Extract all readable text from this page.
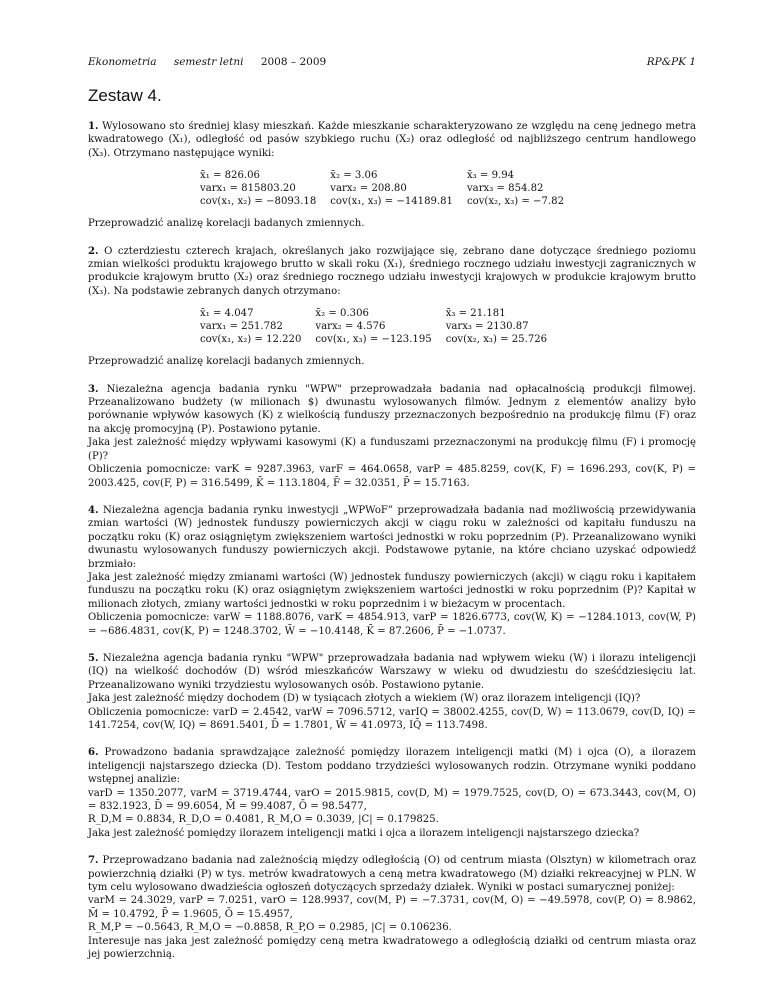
Ekonometria semestr letni 2008 – 2009	RP&PK 1
Zestaw 4.

1. Wylosowano sto średniej klasy mieszkań. Każde mieszkanie scharakteryzowano ze względu na cenę jednego metra kwadratowego (X₁), odległość od pasów szybkiego ruchu (X₂) oraz odległość od najbliższego centrum handlowego (X₃). Otrzymano następujące wyniki:

x̄₁ = 826.06	x̄₂ = 3.06	x̄₃ = 9.94
varx₁ = 815803.20	varx₂ = 208.80	varx₃ = 854.82
cov(x₁, x₂) = −8093.18	cov(x₁, x₃) = −14189.81	cov(x₂, x₃) = −7.82

Przeprowadzić analizę korelacji badanych zmiennych.

2. O czterdziestu czterech krajach, określanych jako rozwijające się, zebrano dane dotyczące średniego poziomu zmian wielkości produktu krajowego brutto w skali roku (X₁), średniego rocznego udziału inwestycji zagranicznych w produkcie krajowym brutto (X₂) oraz średniego rocznego udziału inwestycji krajowych w produkcie krajowym brutto (X₃). Na podstawie zebranych danych otrzymano:

x̄₁ = 4.047	x̄₂ = 0.306	x̄₃ = 21.181
varx₁ = 251.782	varx₂ = 4.576	varx₃ = 2130.87
cov(x₁, x₂) = 12.220	cov(x₁, x₃) = −123.195	cov(x₂, x₃) = 25.726

Przeprowadzić analizę korelacji badanych zmiennych.

3. Niezależna agencja badania rynku "WPW" przeprowadzała badania nad opłacalnością produkcji filmowej. Przeanalizowano budżety (w milionach $) dwunastu wylosowanych filmów. Jednym z elementów analizy było porównanie wpływów kasowych (K) z wielkością funduszy przeznaczonych bezpośrednio na produkcję filmu (F) oraz na akcję promocyjną (P). Postawiono pytanie.

Jaka jest zależność między wpływami kasowymi (K) a funduszami przeznaczonymi na produkcję filmu (F) i promocję (P)?

Obliczenia pomocnicze: varK = 9287.3963, varF = 464.0658, varP = 485.8259, cov(K, F) = 1696.293, cov(K, P) = 2003.425, cov(F, P) = 316.5499, K̄ = 113.1804, F̄ = 32.0351, P̄ = 15.7163.

4. Niezależna agencja badania rynku inwestycji „WPWoF” przeprowadzała badania nad możliwością przewidywania zmian wartości (W) jednostek funduszy powierniczych akcji w ciągu roku w zależności od kapitału funduszu na początku roku (K) oraz osiągniętym zwiększeniem wartości jednostki w roku poprzednim (P). Przeanalizowano wyniki dwunastu wylosowanych funduszy powierniczych akcji. Podstawowe pytanie, na które chciano uzyskać odpowiedź brzmiało:

Jaka jest zależność między zmianami wartości (W) jednostek funduszy powierniczych (akcji) w ciągu roku i kapitałem funduszu na początku roku (K) oraz osiągniętym zwiększeniem wartości jednostki w roku poprzednim (P)? Kapitał w milionach złotych, zmiany wartości jednostki w roku poprzednim i w bieżacym w procentach.

Obliczenia pomocnicze: varW = 1188.8076, varK = 4854.913, varP = 1826.6773, cov(W, K) = −1284.1013, cov(W, P) = −686.4831, cov(K, P) = 1248.3702, W̄ = −10.4148, K̄ = 87.2606, P̄ = −1.0737.

5. Niezależna agencja badania rynku "WPW" przeprowadzała badania nad wpływem wieku (W) i ilorazu inteligencji (IQ) na wielkość dochodów (D) wśród mieszkańców Warszawy w wieku od dwudziestu do sześćdziesięciu lat. Przeanalizowano wyniki trzydziestu wylosowanych osób. Postawiono pytanie.

Jaka jest zależność między dochodem (D) w tysiącach złotych a wiekiem (W) oraz ilorazem inteligencji (IQ)?

Obliczenia pomocnicze: varD = 2.4542, varW = 7096.5712, varIQ = 38002.4255, cov(D, W) = 113.0679, cov(D, IQ) = 141.7254, cov(W, IQ) = 8691.5401, D̄ = 1.7801, W̄ = 41.0973, IQ̄ = 113.7498.

6. Prowadzono badania sprawdzające zależność pomiędzy ilorazem inteligencji matki (M) i ojca (O), a ilorazem inteligencji najstarszego dziecka (D). Testom poddano trzydzieści wylosowanych rodzin. Otrzymane wyniki poddano wstępnej analizie:

varD = 1350.2077, varM = 3719.4744, varO = 2015.9815, cov(D, M) = 1979.7525, cov(D, O) = 673.3443, cov(M, O) = 832.1923, D̄ = 99.6054, M̄ = 99.4087, Ō = 98.5477,

R_D,M = 0.8834, R_D,O = 0.4081, R_M,O = 0.3039, |C| = 0.179825.

Jaka jest zależność pomiędzy ilorazem inteligencji matki i ojca a ilorazem inteligencji najstarszego dziecka?

7. Przeprowadzano badania nad zależnością między odległością (O) od centrum miasta (Olsztyn) w kilometrach oraz powierzchnią działki (P) w tys. metrów kwadratowych a ceną metra kwadratowego (M) działki rekreacyjnej w PLN. W tym celu wylosowano dwadzieścia ogłoszeń dotyczących sprzedaży działek. Wyniki w postaci sumarycznej poniżej:

varM = 24.3029, varP = 7.0251, varO = 128.9937, cov(M, P) = −7.3731, cov(M, O) = −49.5978, cov(P, O) = 8.9862, M̄ = 10.4792, P̄ = 1.9605, Ō = 15.4957,

R_M,P = −0.5643, R_M,O = −0.8858, R_P,O = 0.2985, |C| = 0.106236.

Interesuje nas jaka jest zależność pomiędzy ceną metra kwadratowego a odległością działki od centrum miasta oraz jej powierzchnią.
